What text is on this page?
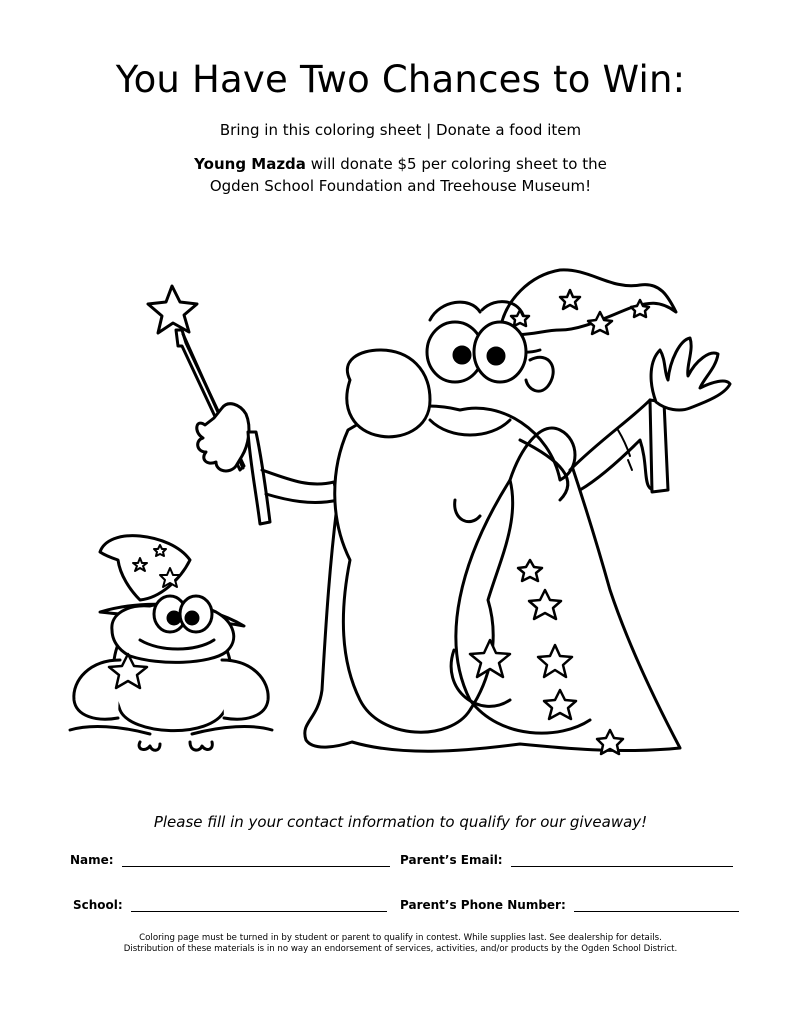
You Have Two Chances to Win:
Bring in this coloring sheet | Donate a food item
Young Mazda will donate $5 per coloring sheet to the
Ogden School Foundation and Treehouse Museum!
Please fill in your contact information to qualify for our giveaway!
Name:	Parent’s Email:
School:	Parent’s Phone Number:
Coloring page must be turned in by student or parent to qualify in contest. While supplies last. See dealership for details.
Distribution of these materials is in no way an endorsement of services, activities, and/or products by the Ogden School District.
